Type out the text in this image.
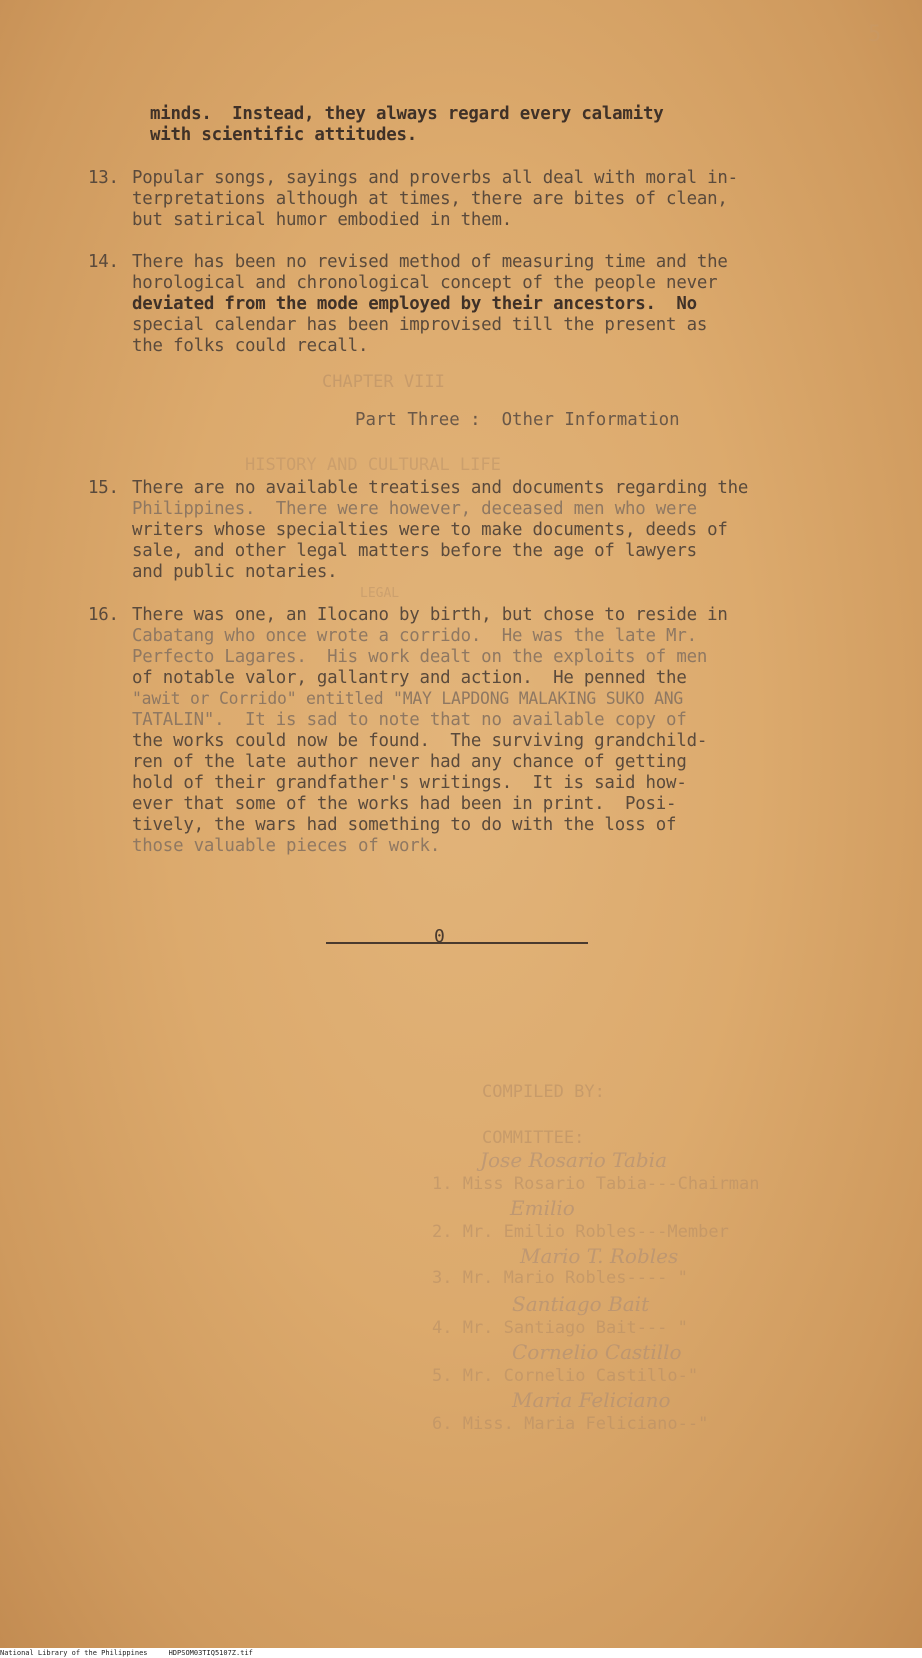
5
minds.  Instead, they always regard every calamity
with scientific attitudes.
13. Popular songs, sayings and proverbs all deal with moral in-
terpretations although at times, there are bites of clean,
but satirical humor embodied in them.
14. There has been no revised method of measuring time and the
horological and chronological concept of the people never
deviated from the mode employed by their ancestors.  No
special calendar has been improvised till the present as
the folks could recall.
CHAPTER VIII
Part Three :  Other Information
HISTORY AND CULTURAL LIFE
15. There are no available treatises and documents regarding the
Philippines.  There were however, deceased men who were
writers whose specialties were to make documents, deeds of
sale, and other legal matters before the age of lawyers
and public notaries.
LEGAL
16. There was one, an Ilocano by birth, but chose to reside in
Cabatang who once wrote a corrido.  He was the late Mr.
Perfecto Lagares.  His work dealt on the exploits of men
of notable valor, gallantry and action.  He penned the
"awit or Corrido" entitled "MAY LAPDONG MALAKING SUKO ANG
TATALIN".  It is sad to note that no available copy of
the works could now be found.  The surviving grandchild-
ren of the late author never had any chance of getting
hold of their grandfather's writings.  It is said how-
ever that some of the works had been in print.  Posi-
tively, the wars had something to do with the loss of
those valuable pieces of work.
0
COMPILED BY:
COMMITTEE:
Jose Rosario Tabia
1. Miss Rosario Tabia---Chairman
Emilio
2. Mr. Emilio Robles---Member
Mario T. Robles
3. Mr. Mario Robles---- "
Santiago Bait
4. Mr. Santiago Bait--- "
Cornelio Castillo
5. Mr. Cornelio Castillo-"
Maria Feliciano
6. Miss. Maria Feliciano--"
National Library of the Philippines	HDPSOM03TIQ5107Z.tif
